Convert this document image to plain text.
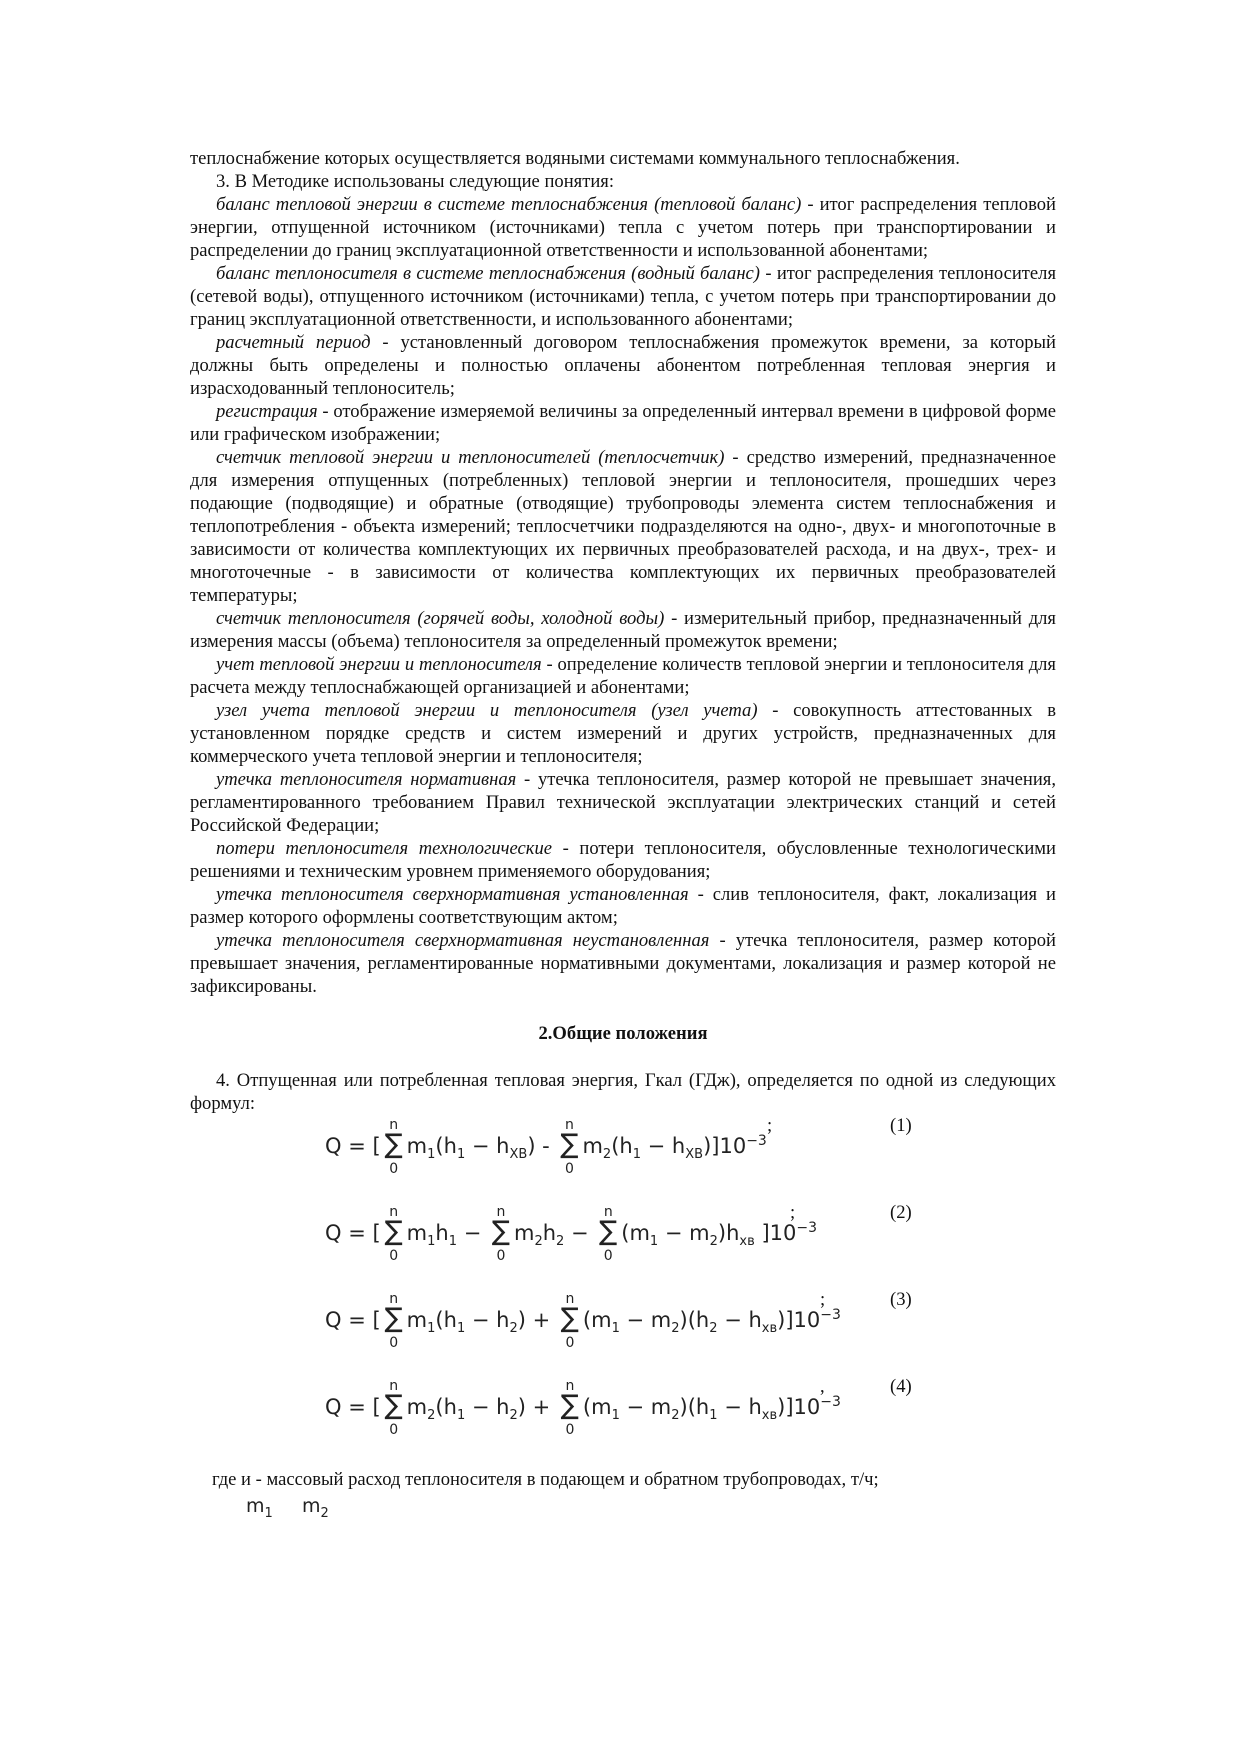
теплоснабжение которых осуществляется водяными системами коммунального теплоснабжения.

3. В Методике использованы следующие понятия:

баланс тепловой энергии в системе теплоснабжения (тепловой баланс) - итог распределения тепловой энергии, отпущенной источником (источниками) тепла с учетом потерь при транспортировании и распределении до границ эксплуатационной ответственности и использованной абонентами;

баланс теплоносителя в системе теплоснабжения (водный баланс) - итог распределения теплоносителя (сетевой воды), отпущенного источником (источниками) тепла, с учетом потерь при транспортировании до границ эксплуатационной ответственности, и использованного абонентами;

расчетный период - установленный договором теплоснабжения промежуток времени, за который должны быть определены и полностью оплачены абонентом потребленная тепловая энергия и израсходованный теплоноситель;

регистрация - отображение измеряемой величины за определенный интервал времени в цифровой форме или графическом изображении;

счетчик тепловой энергии и теплоносителей (теплосчетчик) - средство измерений, предназначенное для измерения отпущенных (потребленных) тепловой энергии и теплоносителя, прошедших через подающие (подводящие) и обратные (отводящие) трубопроводы элемента систем теплоснабжения и теплопотребления - объекта измерений; теплосчетчики подразделяются на одно-, двух- и многопоточные в зависимости от количества комплектующих их первичных преобразователей расхода, и на двух-, трех- и многоточечные - в зависимости от количества комплектующих их первичных преобразователей температуры;

счетчик теплоносителя (горячей воды, холодной воды) - измерительный прибор, предназначенный для измерения массы (объема) теплоносителя за определенный промежуток времени;

учет тепловой энергии и теплоносителя - определение количеств тепловой энергии и теплоносителя для расчета между теплоснабжающей организацией и абонентами;

узел учета тепловой энергии и теплоносителя (узел учета) - совокупность аттестованных в установленном порядке средств и систем измерений и других устройств, предназначенных для коммерческого учета тепловой энергии и теплоносителя;

утечка теплоносителя нормативная - утечка теплоносителя, размер которой не превышает значения, регламентированного требованием Правил технической эксплуатации электрических станций и сетей Российской Федерации;

потери теплоносителя технологические - потери теплоносителя, обусловленные технологическими решениями и техническим уровнем применяемого оборудования;

утечка теплоносителя сверхнормативная установленная - слив теплоносителя, факт, локализация и размер которого оформлены соответствующим актом;

утечка теплоносителя сверхнормативная неустановленная - утечка теплоносителя, размер которой превышает значения, регламентированные нормативными документами, локализация и размер которой не зафиксированы.

2.Общие положения

4. Отпущенная или потребленная тепловая энергия, Гкал (ГДж), определяется по одной из следующих формул:

;	(1)
Q = [
n
∑
0
$m_1(h_1 - h_{ХВ})$ -
n
∑
0
$m_2(h_1 - h_{ХВ})]10^{-3}$
;	(2)
Q = [
n
∑
0
$m_1h_1$ −
n
∑
0
$m_2h_2$ −
n
∑
0
$(m_1 - m_2)h_{хв}$ ]$10^{-3}$
;	(3)
Q = [
n
∑
0
$m_1(h_1 - h_2)$ +
n
∑
0
$(m_1 - m_2)(h_2 - h_{хв})]10^{-3}$
,	(4)
Q = [
n
∑
0
$m_2(h_1 - h_2)$ +
n
∑
0
$(m_1 - m_2)(h_1 - h_{хв})]10^{-3}$
где и - массовый расход теплоносителя в подающем и обратном трубопроводах, т/ч;
$m_1$ $m_2$
